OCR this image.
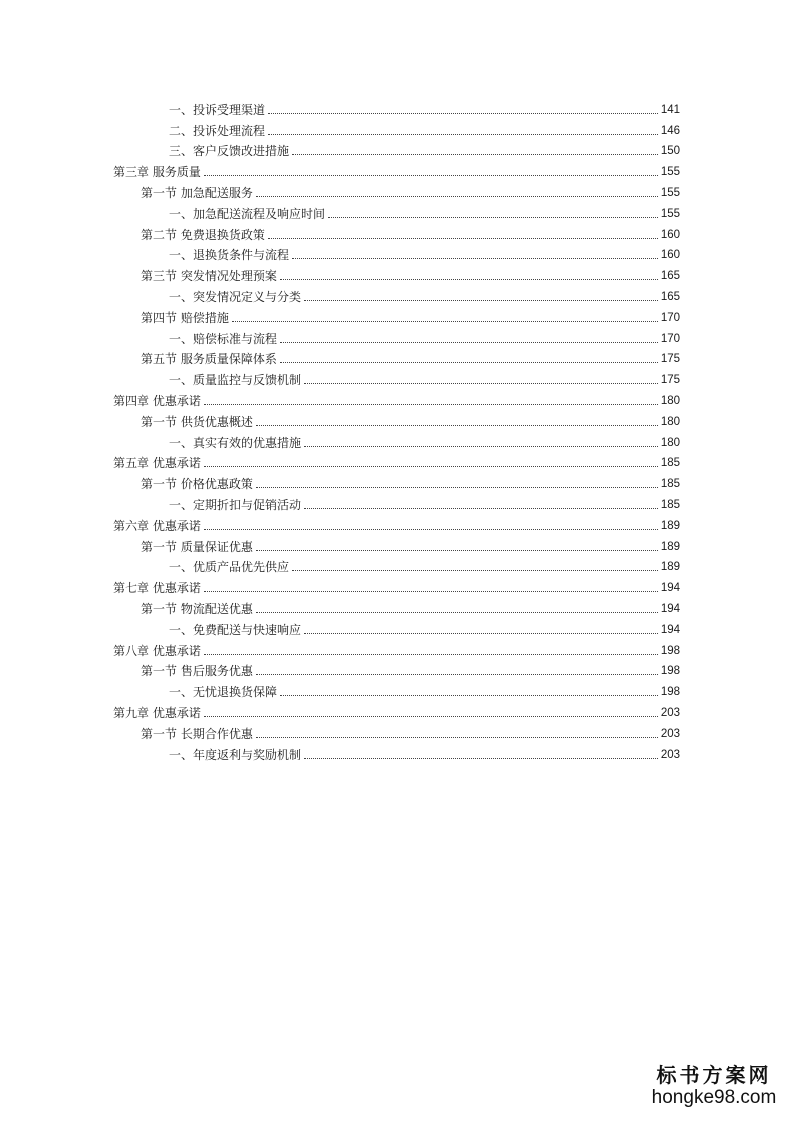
一、投诉受理渠道	141
二、投诉处理流程	146
三、客户反馈改进措施	150
第三章 服务质量	155
第一节 加急配送服务	155
一、加急配送流程及响应时间	155
第二节 免费退换货政策	160
一、退换货条件与流程	160
第三节 突发情况处理预案	165
一、突发情况定义与分类	165
第四节 赔偿措施	170
一、赔偿标准与流程	170
第五节 服务质量保障体系	175
一、质量监控与反馈机制	175
第四章 优惠承诺	180
第一节 供货优惠概述	180
一、真实有效的优惠措施	180
第五章 优惠承诺	185
第一节 价格优惠政策	185
一、定期折扣与促销活动	185
第六章 优惠承诺	189
第一节 质量保证优惠	189
一、优质产品优先供应	189
第七章 优惠承诺	194
第一节 物流配送优惠	194
一、免费配送与快速响应	194
第八章 优惠承诺	198
第一节 售后服务优惠	198
一、无忧退换货保障	198
第九章 优惠承诺	203
第一节 长期合作优惠	203
一、年度返利与奖励机制	203
标书方案网
hongke98.com
